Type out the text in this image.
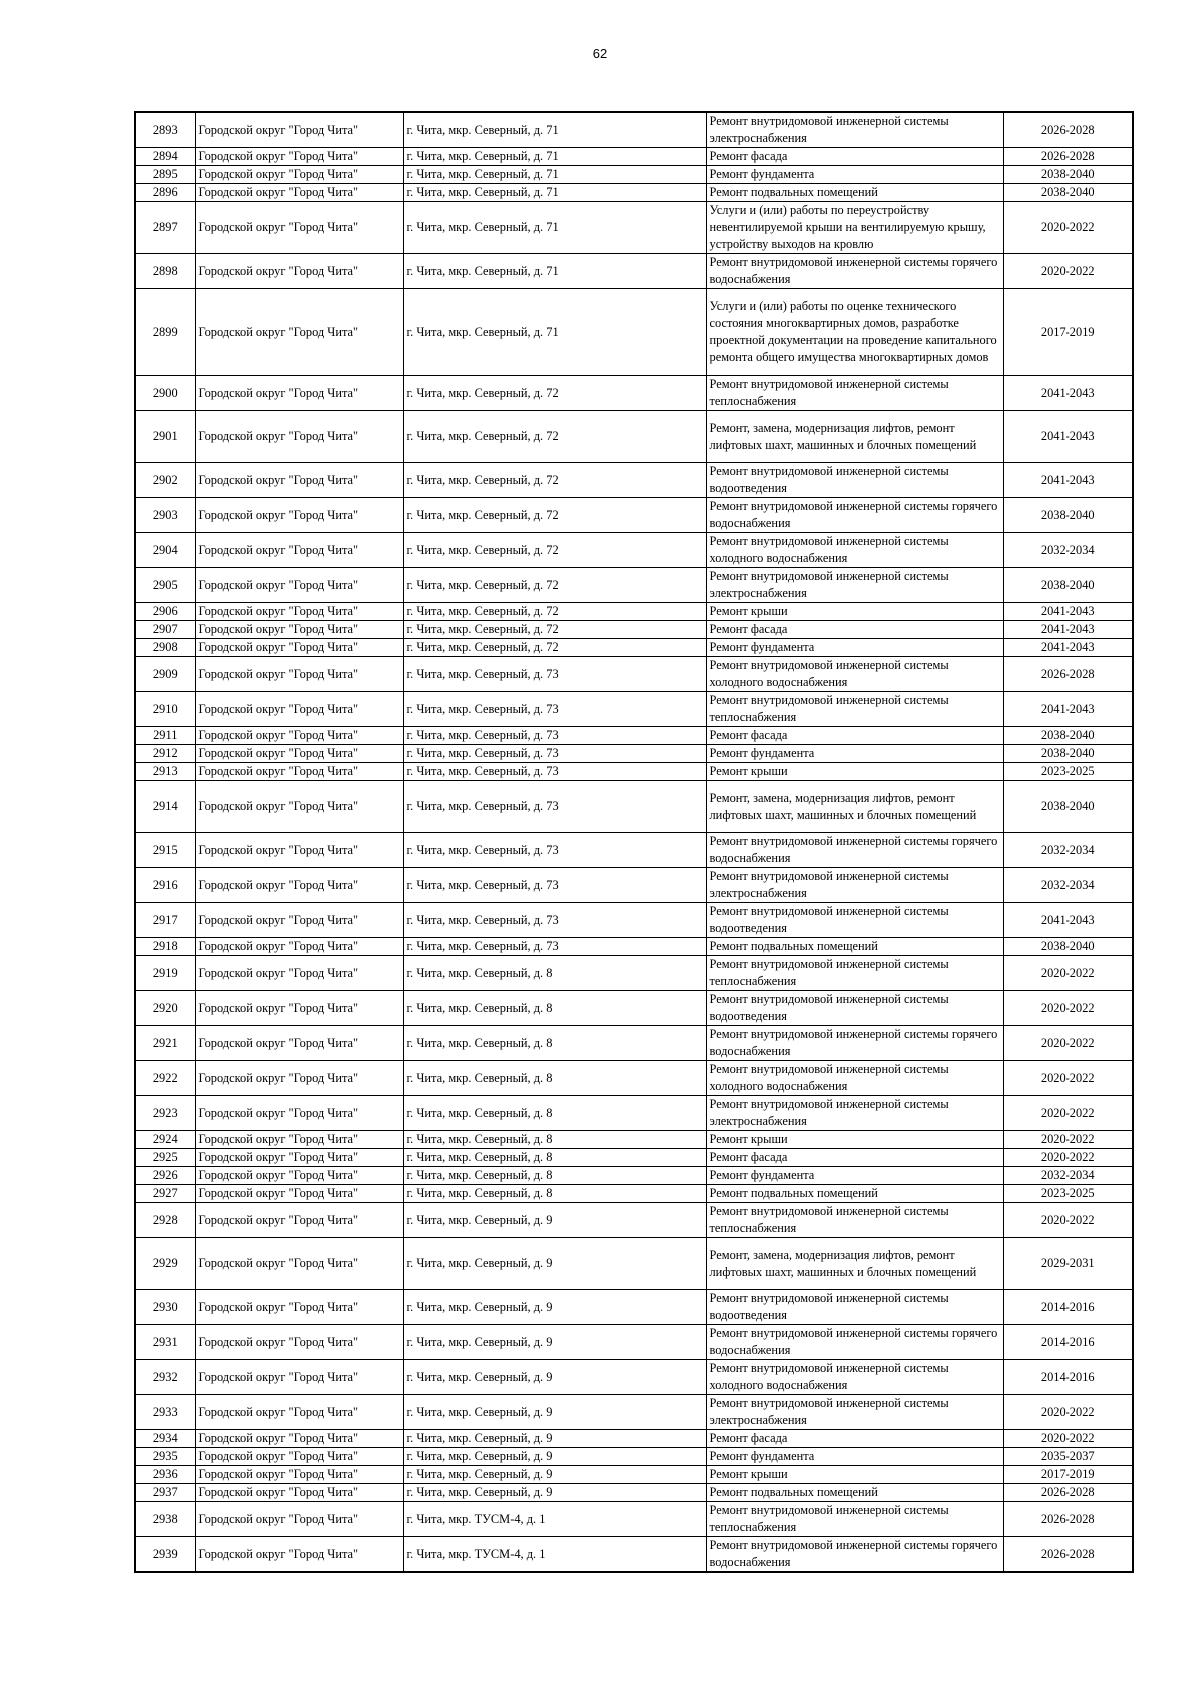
62
2893	Городской округ "Город Чита"	г. Чита, мкр. Северный, д. 71	Ремонт внутридомовой инженерной системы электроснабжения	2026-2028
2894	Городской округ "Город Чита"	г. Чита, мкр. Северный, д. 71	Ремонт фасада	2026-2028
2895	Городской округ "Город Чита"	г. Чита, мкр. Северный, д. 71	Ремонт фундамента	2038-2040
2896	Городской округ "Город Чита"	г. Чита, мкр. Северный, д. 71	Ремонт подвальных помещений	2038-2040
2897	Городской округ "Город Чита"	г. Чита, мкр. Северный, д. 71	Услуги и (или) работы по переустройству невентилируемой крыши на вентилируемую крышу, устройству выходов на кровлю	2020-2022
2898	Городской округ "Город Чита"	г. Чита, мкр. Северный, д. 71	Ремонт внутридомовой инженерной системы горячего водоснабжения	2020-2022
2899	Городской округ "Город Чита"	г. Чита, мкр. Северный, д. 71	Услуги и (или) работы по оценке технического состояния многоквартирных домов, разработке проектной документации на проведение капитального ремонта общего имущества многоквартирных домов	2017-2019
2900	Городской округ "Город Чита"	г. Чита, мкр. Северный, д. 72	Ремонт внутридомовой инженерной системы теплоснабжения	2041-2043
2901	Городской округ "Город Чита"	г. Чита, мкр. Северный, д. 72	Ремонт, замена, модернизация лифтов, ремонт лифтовых шахт, машинных и блочных помещений	2041-2043
2902	Городской округ "Город Чита"	г. Чита, мкр. Северный, д. 72	Ремонт внутридомовой инженерной системы водоотведения	2041-2043
2903	Городской округ "Город Чита"	г. Чита, мкр. Северный, д. 72	Ремонт внутридомовой инженерной системы горячего водоснабжения	2038-2040
2904	Городской округ "Город Чита"	г. Чита, мкр. Северный, д. 72	Ремонт внутридомовой инженерной системы холодного водоснабжения	2032-2034
2905	Городской округ "Город Чита"	г. Чита, мкр. Северный, д. 72	Ремонт внутридомовой инженерной системы электроснабжения	2038-2040
2906	Городской округ "Город Чита"	г. Чита, мкр. Северный, д. 72	Ремонт крыши	2041-2043
2907	Городской округ "Город Чита"	г. Чита, мкр. Северный, д. 72	Ремонт фасада	2041-2043
2908	Городской округ "Город Чита"	г. Чита, мкр. Северный, д. 72	Ремонт фундамента	2041-2043
2909	Городской округ "Город Чита"	г. Чита, мкр. Северный, д. 73	Ремонт внутридомовой инженерной системы холодного водоснабжения	2026-2028
2910	Городской округ "Город Чита"	г. Чита, мкр. Северный, д. 73	Ремонт внутридомовой инженерной системы теплоснабжения	2041-2043
2911	Городской округ "Город Чита"	г. Чита, мкр. Северный, д. 73	Ремонт фасада	2038-2040
2912	Городской округ "Город Чита"	г. Чита, мкр. Северный, д. 73	Ремонт фундамента	2038-2040
2913	Городской округ "Город Чита"	г. Чита, мкр. Северный, д. 73	Ремонт крыши	2023-2025
2914	Городской округ "Город Чита"	г. Чита, мкр. Северный, д. 73	Ремонт, замена, модернизация лифтов, ремонт лифтовых шахт, машинных и блочных помещений	2038-2040
2915	Городской округ "Город Чита"	г. Чита, мкр. Северный, д. 73	Ремонт внутридомовой инженерной системы горячего водоснабжения	2032-2034
2916	Городской округ "Город Чита"	г. Чита, мкр. Северный, д. 73	Ремонт внутридомовой инженерной системы электроснабжения	2032-2034
2917	Городской округ "Город Чита"	г. Чита, мкр. Северный, д. 73	Ремонт внутридомовой инженерной системы водоотведения	2041-2043
2918	Городской округ "Город Чита"	г. Чита, мкр. Северный, д. 73	Ремонт подвальных помещений	2038-2040
2919	Городской округ "Город Чита"	г. Чита, мкр. Северный, д. 8	Ремонт внутридомовой инженерной системы теплоснабжения	2020-2022
2920	Городской округ "Город Чита"	г. Чита, мкр. Северный, д. 8	Ремонт внутридомовой инженерной системы водоотведения	2020-2022
2921	Городской округ "Город Чита"	г. Чита, мкр. Северный, д. 8	Ремонт внутридомовой инженерной системы горячего водоснабжения	2020-2022
2922	Городской округ "Город Чита"	г. Чита, мкр. Северный, д. 8	Ремонт внутридомовой инженерной системы холодного водоснабжения	2020-2022
2923	Городской округ "Город Чита"	г. Чита, мкр. Северный, д. 8	Ремонт внутридомовой инженерной системы электроснабжения	2020-2022
2924	Городской округ "Город Чита"	г. Чита, мкр. Северный, д. 8	Ремонт крыши	2020-2022
2925	Городской округ "Город Чита"	г. Чита, мкр. Северный, д. 8	Ремонт фасада	2020-2022
2926	Городской округ "Город Чита"	г. Чита, мкр. Северный, д. 8	Ремонт фундамента	2032-2034
2927	Городской округ "Город Чита"	г. Чита, мкр. Северный, д. 8	Ремонт подвальных помещений	2023-2025
2928	Городской округ "Город Чита"	г. Чита, мкр. Северный, д. 9	Ремонт внутридомовой инженерной системы теплоснабжения	2020-2022
2929	Городской округ "Город Чита"	г. Чита, мкр. Северный, д. 9	Ремонт, замена, модернизация лифтов, ремонт лифтовых шахт, машинных и блочных помещений	2029-2031
2930	Городской округ "Город Чита"	г. Чита, мкр. Северный, д. 9	Ремонт внутридомовой инженерной системы водоотведения	2014-2016
2931	Городской округ "Город Чита"	г. Чита, мкр. Северный, д. 9	Ремонт внутридомовой инженерной системы горячего водоснабжения	2014-2016
2932	Городской округ "Город Чита"	г. Чита, мкр. Северный, д. 9	Ремонт внутридомовой инженерной системы холодного водоснабжения	2014-2016
2933	Городской округ "Город Чита"	г. Чита, мкр. Северный, д. 9	Ремонт внутридомовой инженерной системы электроснабжения	2020-2022
2934	Городской округ "Город Чита"	г. Чита, мкр. Северный, д. 9	Ремонт фасада	2020-2022
2935	Городской округ "Город Чита"	г. Чита, мкр. Северный, д. 9	Ремонт фундамента	2035-2037
2936	Городской округ "Город Чита"	г. Чита, мкр. Северный, д. 9	Ремонт крыши	2017-2019
2937	Городской округ "Город Чита"	г. Чита, мкр. Северный, д. 9	Ремонт подвальных помещений	2026-2028
2938	Городской округ "Город Чита"	г. Чита, мкр. ТУСМ-4, д. 1	Ремонт внутридомовой инженерной системы теплоснабжения	2026-2028
2939	Городской округ "Город Чита"	г. Чита, мкр. ТУСМ-4, д. 1	Ремонт внутридомовой инженерной системы горячего водоснабжения	2026-2028
